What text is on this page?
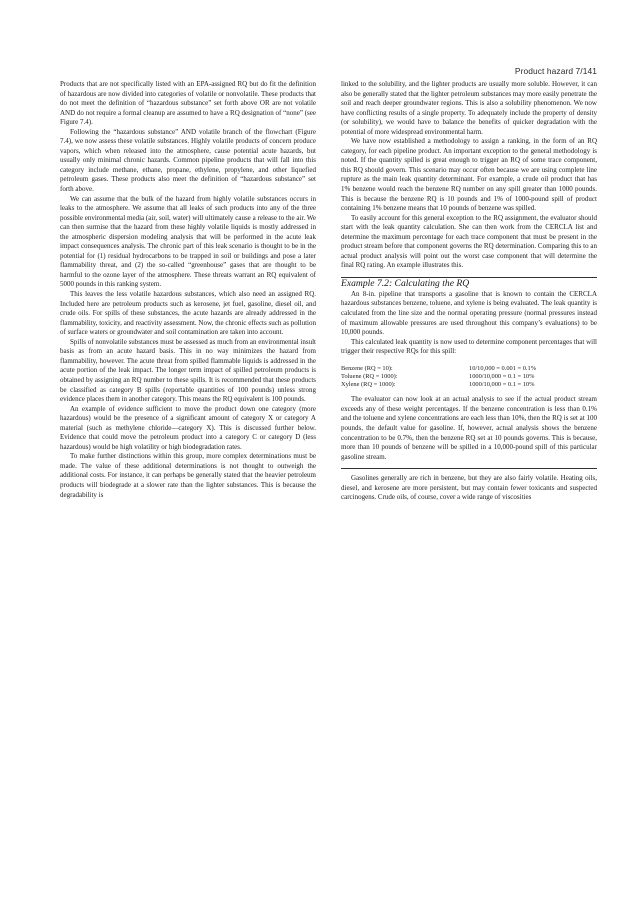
Product hazard 7/141

Products that are not specifically listed with an EPA-assigned RQ but do fit the definition of hazardous are now divided into categories of volatile or nonvolatile. These products that do not meet the definition of “hazardous substance” set forth above OR are not volatile AND do not require a formal cleanup are assumed to have a RQ designation of “none” (see Figure 7.4).

Following the “hazardous substance” AND volatile branch of the flowchart (Figure 7.4), we now assess these volatile substances. Highly volatile products of concern produce vapors, which when released into the atmosphere, cause potential acute hazards, but usually only minimal chronic hazards. Common pipeline products that will fall into this category include methane, ethane, propane, ethylene, propylene, and other liquefied petroleum gases. These products also meet the definition of “hazardous substance” set forth above.

We can assume that the bulk of the hazard from highly volatile substances occurs in leaks to the atmosphere. We assume that all leaks of such products into any of the three possible environmental media (air, soil, water) will ultimately cause a release to the air. We can then surmise that the hazard from these highly volatile liquids is mostly addressed in the atmospheric dispersion modeling analysis that will be performed in the acute leak impact consequences analysis. The chronic part of this leak scenario is thought to be in the potential for (1) residual hydrocarbons to be trapped in soil or buildings and pose a later flammability threat, and (2) the so-called “greenhouse” gases that are thought to be harmful to the ozone layer of the atmosphere. These threats warrant an RQ equivalent of 5000 pounds in this ranking system.

This leaves the less volatile hazardous substances, which also need an assigned RQ. Included here are petroleum products such as kerosene, jet fuel, gasoline, diesel oil, and crude oils. For spills of these substances, the acute hazards are already addressed in the flammability, toxicity, and reactivity assessment. Now, the chronic effects such as pollution of surface waters or groundwater and soil contamination are taken into account.

Spills of nonvolatile substances must be assessed as much from an environmental insult basis as from an acute hazard basis. This in no way minimizes the hazard from flammability, however. The acute threat from spilled flammable liquids is addressed in the acute portion of the leak impact. The longer term impact of spilled petroleum products is obtained by assigning an RQ number to these spills. It is recommended that these products be classified as category B spills (reportable quantities of 100 pounds) unless strong evidence places them in another category. This means the RQ equivalent is 100 pounds.

An example of evidence sufficient to move the product down one category (more hazardous) would be the presence of a significant amount of category X or category A material (such as methylene chloride—category X). This is discussed further below. Evidence that could move the petroleum product into a category C or category D (less hazardous) would be high volatility or high biodegradation rates.

To make further distinctions within this group, more complex determinations must be made. The value of these additional determinations is not thought to outweigh the additional costs. For instance, it can perhaps be generally stated that the heavier petroleum products will biodegrade at a slower rate than the lighter substances. This is because the degradability is

linked to the solubility, and the lighter products are usually more soluble. However, it can also be generally stated that the lighter petroleum substances may more easily penetrate the soil and reach deeper groundwater regions. This is also a solubility phenomenon. We now have conflicting results of a single property. To adequately include the property of density (or solubility), we would have to balance the benefits of quicker degradation with the potential of more widespread environmental harm.

We have now established a methodology to assign a ranking, in the form of an RQ category, for each pipeline product. An important exception to the general methodology is noted. If the quantity spilled is great enough to trigger an RQ of some trace component, this RQ should govern. This scenario may occur often because we are using complete line rupture as the main leak quantity determinant. For example, a crude oil product that has 1% benzene would reach the benzene RQ number on any spill greater than 1000 pounds. This is because the benzene RQ is 10 pounds and 1% of 1000-pound spill of product containing 1% benzene means that 10 pounds of benzene was spilled.

To easily account for this general exception to the RQ assignment, the evaluator should start with the leak quantity calculation. She can then work from the CERCLA list and determine the maximum percentage for each trace component that must be present in the product stream before that component governs the RQ determination. Comparing this to an actual product analysis will point out the worst case component that will determine the final RQ rating. An example illustrates this.

Example 7.2: Calculating the RQ

An 8-in. pipeline that transports a gasoline that is known to contain the CERCLA hazardous substances benzene, toluene, and xylene is being evaluated. The leak quantity is calculated from the line size and the normal operating pressure (normal pressures instead of maximum allowable pressures are used throughout this company’s evaluations) to be 10,000 pounds.

This calculated leak quantity is now used to determine component percentages that will trigger their respective RQs for this spill:

Benzene (RQ = 10):	10/10,000 = 0.001 = 0.1%
Toluene (RQ = 1000):	1000/10,000 = 0.1 = 10%
Xylene (RQ = 1000):	1000/10,000 = 0.1 = 10%

The evaluator can now look at an actual analysis to see if the actual product stream exceeds any of these weight percentages. If the benzene concentration is less than 0.1% and the toluene and xylene concentrations are each less than 10%, then the RQ is set at 100 pounds, the default value for gasoline. If, however, actual analysis shows the benzene concentration to be 0.7%, then the benzene RQ set at 10 pounds governs. This is because, more than 10 pounds of benzene will be spilled in a 10,000-pound spill of this particular gasoline stream.

Gasolines generally are rich in benzene, but they are also fairly volatile. Heating oils, diesel, and kerosene are more persistent, but may contain fewer toxicants and suspected carcinogens. Crude oils, of course, cover a wide range of viscosities
